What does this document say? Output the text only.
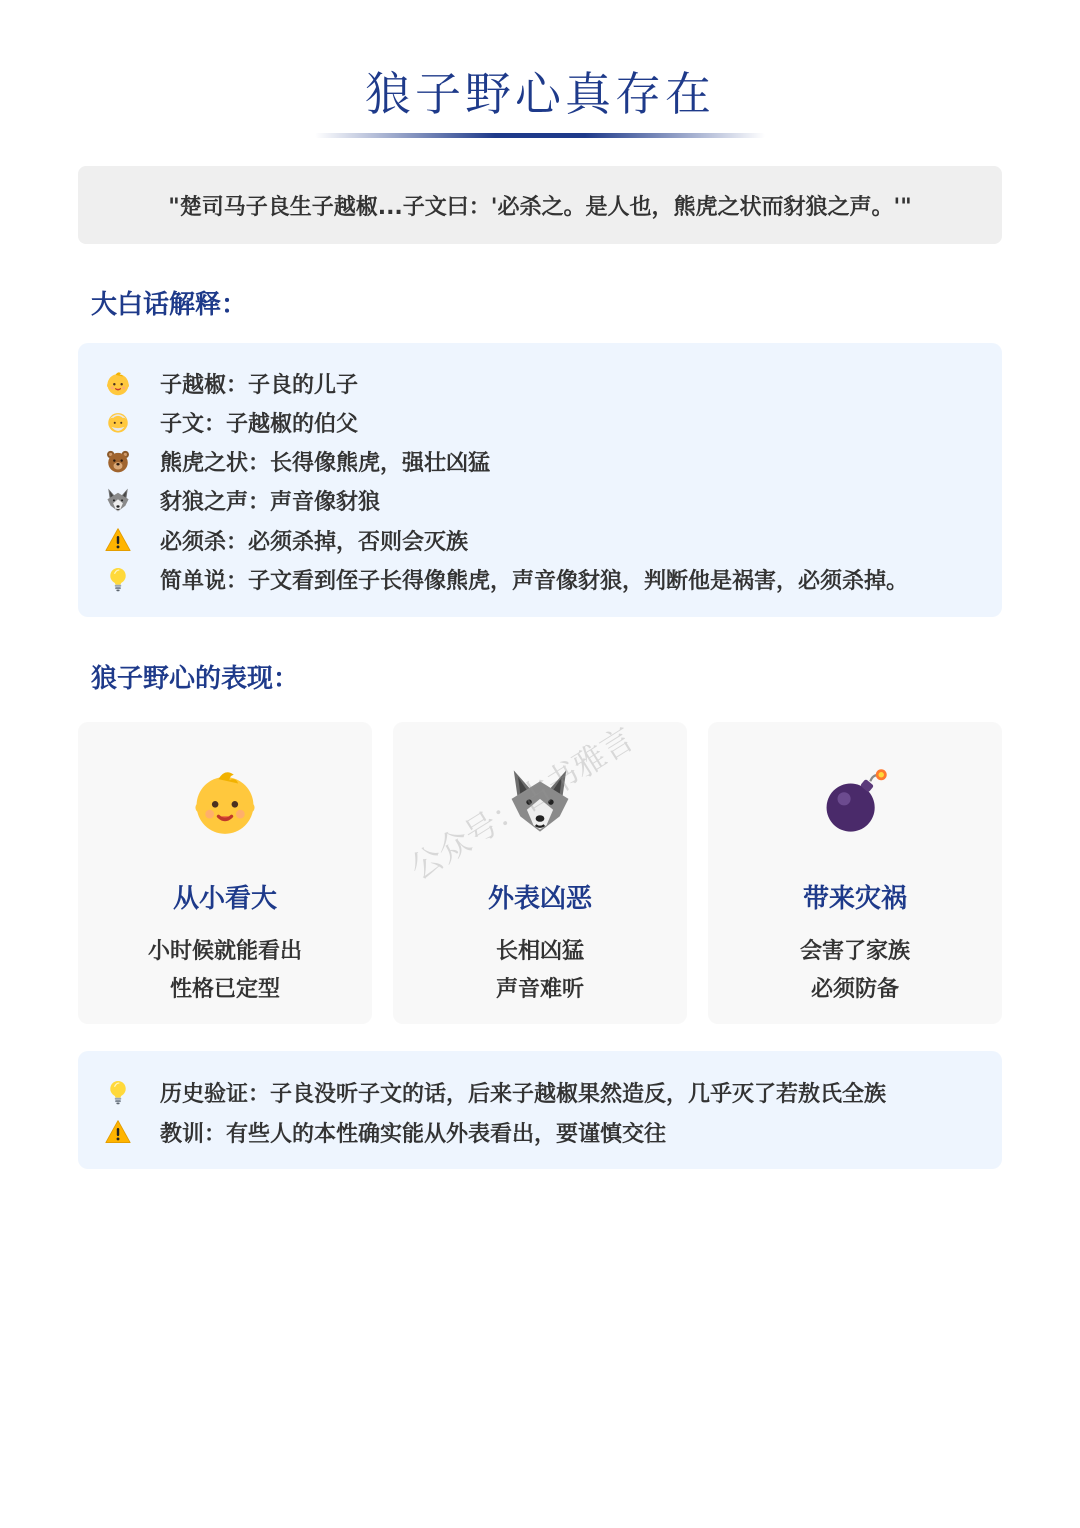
狼子野心真存在
"楚司马子良生子越椒...子文曰：'必杀之。是人也，熊虎之状而豺狼之声。'"
大白话解释：
子越椒：子良的儿子
子文：子越椒的伯父
熊虎之状：长得像熊虎，强壮凶猛
豺狼之声：声音像豺狼
必须杀：必须杀掉，否则会灭族
简单说：子文看到侄子长得像熊虎，声音像豺狼，判断他是祸害，必须杀掉。
狼子野心的表现：
从小看大
小时候就能看出
性格已定型
外表凶恶
长相凶猛
声音难听
带来灾祸
会害了家族
必须防备
公众号：古书雅言
历史验证：子良没听子文的话，后来子越椒果然造反，几乎灭了若敖氏全族
教训：有些人的本性确实能从外表看出，要谨慎交往
